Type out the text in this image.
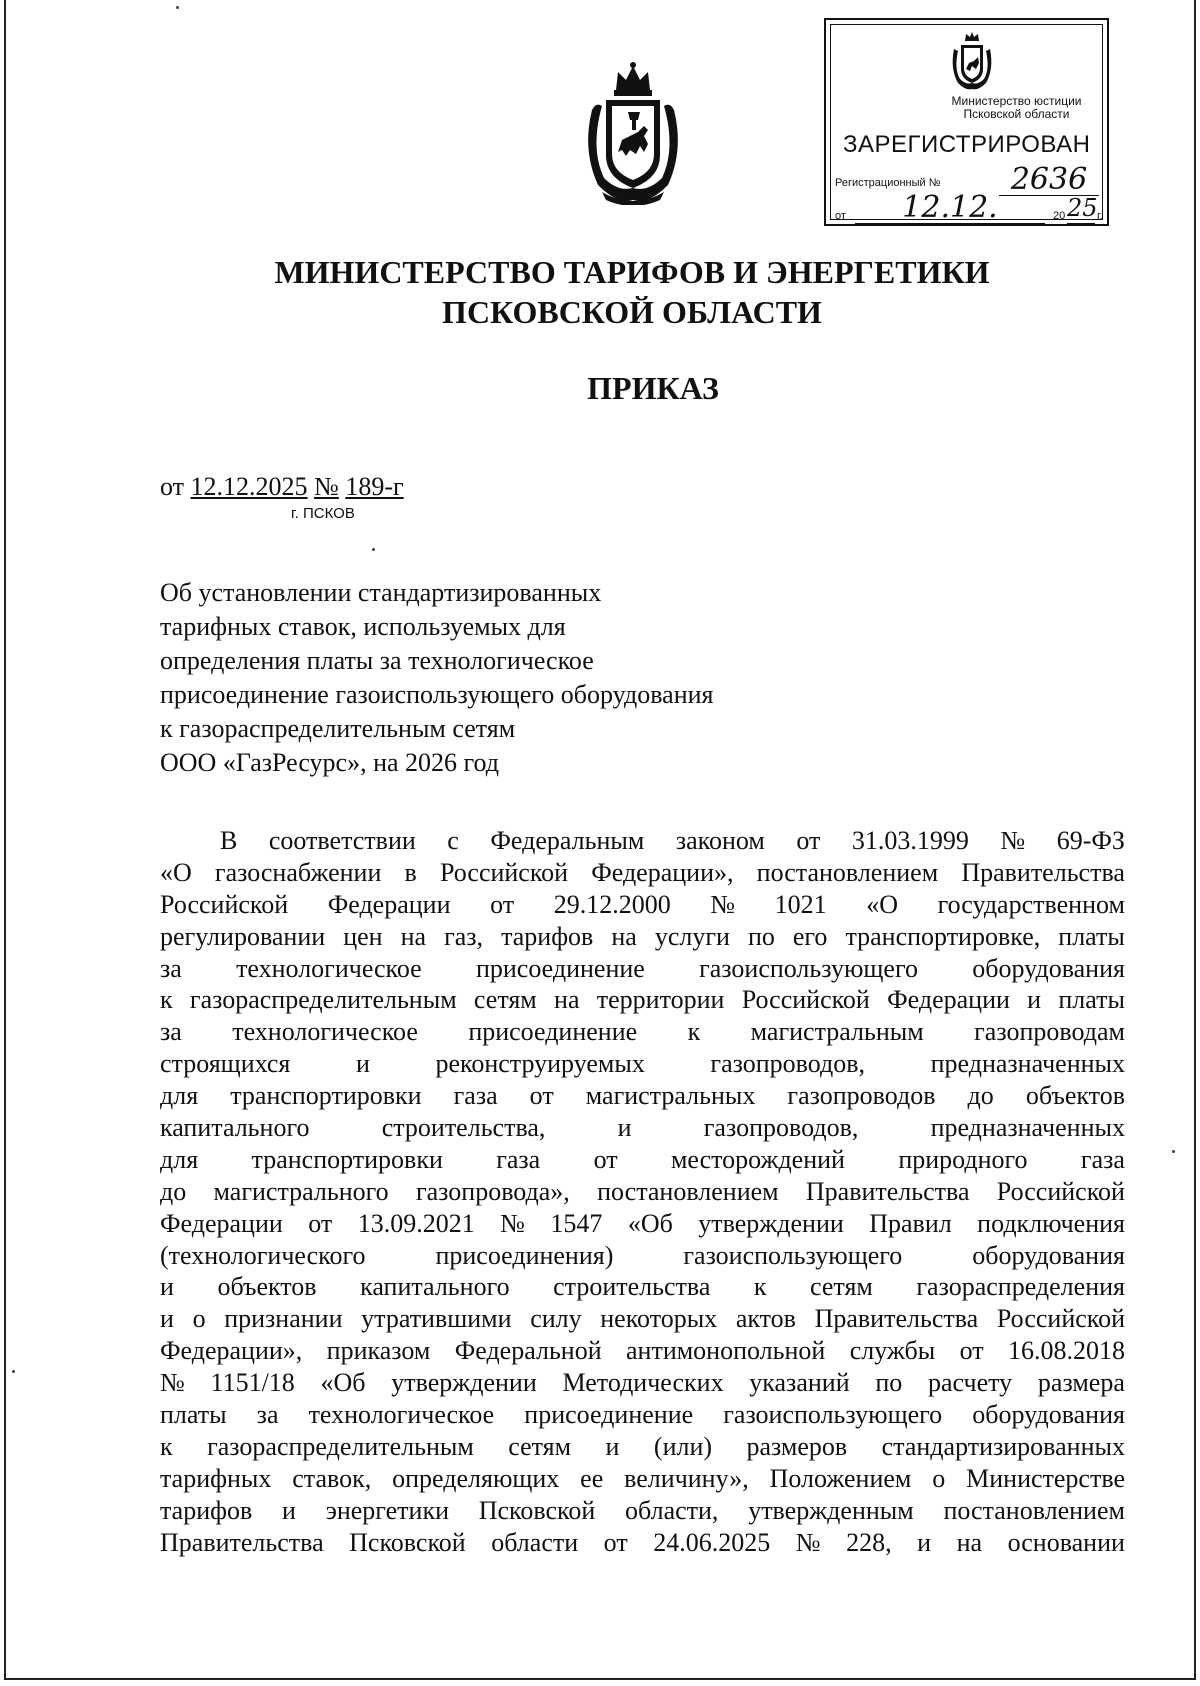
Министерство юстиции
Псковской области
ЗАРЕГИСТРИРОВАН
Регистрационный №	2636
от	12.12.	20 25 г.
МИНИСТЕРСТВО ТАРИФОВ И ЭНЕРГЕТИКИ
ПСКОВСКОЙ ОБЛАСТИ
ПРИКАЗ
от 12.12.2025 № 189-г
г. ПСКОВ
Об установлении стандартизированных
тарифных ставок, используемых для
определения платы за технологическое
присоединение газоиспользующего оборудования
к газораспределительным сетям
ООО «ГазРесурс», на 2026 год
В соответствии с Федеральным законом от 31.03.1999 № 69-ФЗ
«О газоснабжении в Российской Федерации», постановлением Правительства
Российской Федерации от 29.12.2000 № 1021 «О государственном
регулировании цен на газ, тарифов на услуги по его транспортировке, платы
за технологическое присоединение газоиспользующего оборудования
к газораспределительным сетям на территории Российской Федерации и платы
за технологическое присоединение к магистральным газопроводам
строящихся	и	реконструируемых	газопроводов,	предназначенных
для транспортировки газа от магистральных газопроводов до объектов
капитального	строительства,	и	газопроводов,	предназначенных
для транспортировки газа от месторождений природного газа
до магистрального газопровода», постановлением Правительства Российской
Федерации от 13.09.2021 № 1547 «Об утверждении Правил подключения
(технологического	присоединения)	газоиспользующего	оборудования
и объектов капитального строительства к сетям газораспределения
и о признании утратившими силу некоторых актов Правительства Российской
Федерации», приказом Федеральной антимонопольной службы от 16.08.2018
№ 1151/18 «Об утверждении Методических указаний по расчету размера
платы за технологическое присоединение газоиспользующего оборудования
к газораспределительным сетям и (или) размеров стандартизированных
тарифных ставок, определяющих ее величину», Положением о Министерстве
тарифов и энергетики Псковской области, утвержденным постановлением
Правительства Псковской области от 24.06.2025 № 228, и на основании
